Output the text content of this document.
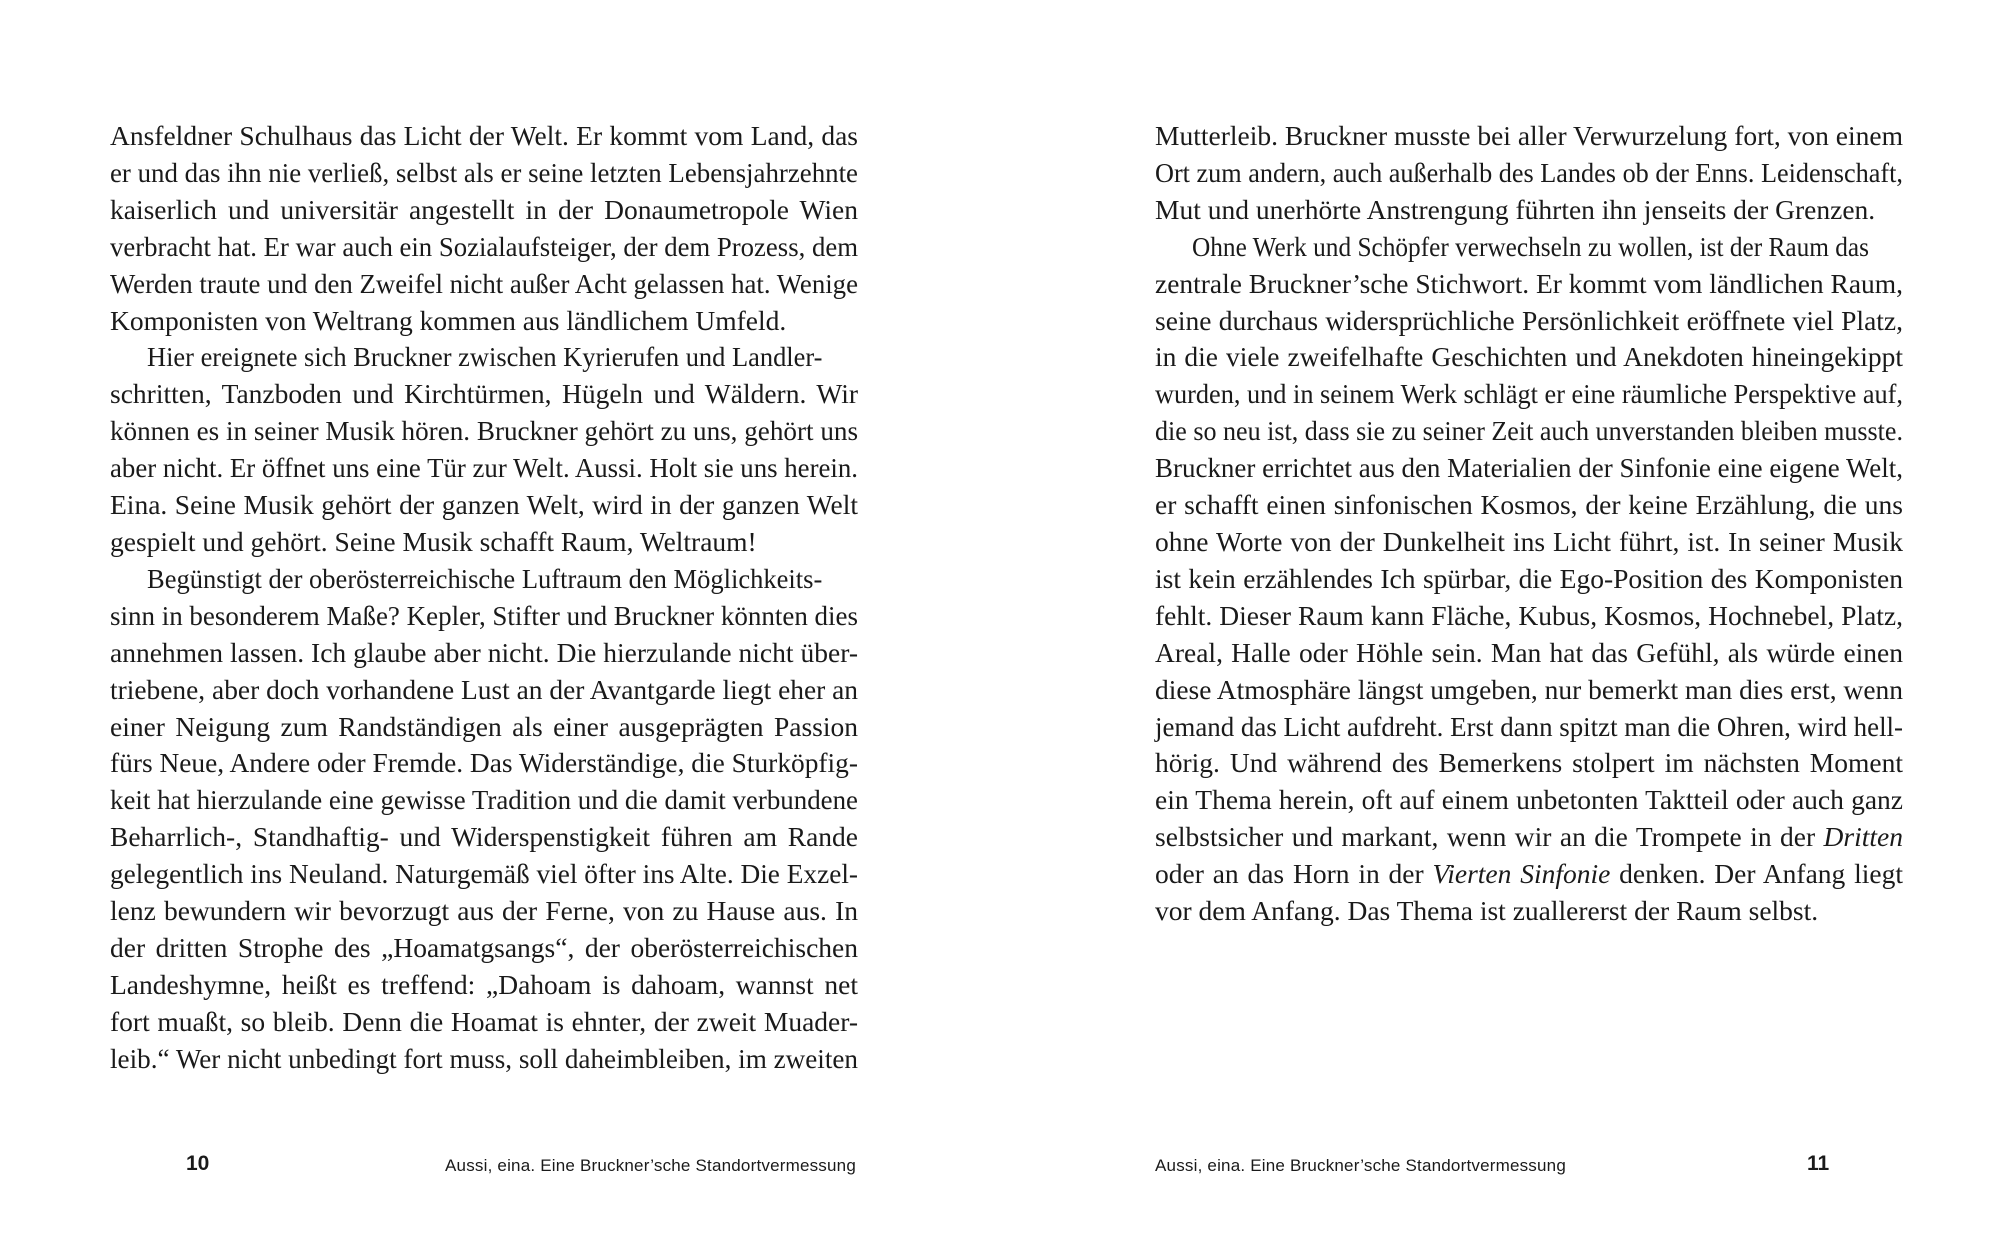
Ansfeldner Schulhaus das Licht der Welt. Er kommt vom Land, das
er und das ihn nie verließ, selbst als er seine letzten Lebensjahrzehnte
kaiserlich und universitär angestellt in der Donaumetropole Wien
verbracht hat. Er war auch ein Sozialaufsteiger, der dem Prozess, dem
Werden traute und den Zweifel nicht außer Acht gelassen hat. Wenige
Komponisten von Weltrang kommen aus ländlichem Umfeld.

Hier ereignete sich Bruckner zwischen Kyrierufen und Landler-
schritten, Tanzboden und Kirchtürmen, Hügeln und Wäldern. Wir
können es in seiner Musik hören. Bruckner gehört zu uns, gehört uns
aber nicht. Er öffnet uns eine Tür zur Welt. Aussi. Holt sie uns herein.
Eina. Seine Musik gehört der ganzen Welt, wird in der ganzen Welt
gespielt und gehört. Seine Musik schafft Raum, Weltraum!

Begünstigt der oberösterreichische Luftraum den Möglichkeits-
sinn in besonderem Maße? Kepler, Stifter und Bruckner könnten dies
annehmen lassen. Ich glaube aber nicht. Die hierzulande nicht über-
triebene, aber doch vorhandene Lust an der Avantgarde liegt eher an
einer Neigung zum Randständigen als einer ausgeprägten Passion
fürs Neue, Andere oder Fremde. Das Widerständige, die Sturköpfig-
keit hat hierzulande eine gewisse Tradition und die damit verbundene
Beharrlich-, Standhaftig- und Widerspenstigkeit führen am Rande
gelegentlich ins Neuland. Naturgemäß viel öfter ins Alte. Die Exzel-
lenz bewundern wir bevorzugt aus der Ferne, von zu Hause aus. In
der dritten Strophe des „Hoamatgsangs“, der oberösterreichischen
Landeshymne, heißt es treffend: „Dahoam is dahoam, wannst net
fort muaßt, so bleib. Denn die Hoamat is ehnter, der zweit Muader-
leib.“ Wer nicht unbedingt fort muss, soll daheimbleiben, im zweiten

10	Aussi, eina. Eine Bruckner’sche Standortvermessung

Mutterleib. Bruckner musste bei aller Verwurzelung fort, von einem
Ort zum andern, auch außerhalb des Landes ob der Enns. Leidenschaft,
Mut und unerhörte Anstrengung führten ihn jenseits der Grenzen.

Ohne Werk und Schöpfer verwechseln zu wollen, ist der Raum das
zentrale Bruckner’sche Stichwort. Er kommt vom ländlichen Raum,
seine durchaus widersprüchliche Persönlichkeit eröffnete viel Platz,
in die viele zweifelhafte Geschichten und Anekdoten hineingekippt
wurden, und in seinem Werk schlägt er eine räumliche Perspektive auf,
die so neu ist, dass sie zu seiner Zeit auch unverstanden bleiben musste.
Bruckner errichtet aus den Materialien der Sinfonie eine eigene Welt,
er schafft einen sinfonischen Kosmos, der keine Erzählung, die uns
ohne Worte von der Dunkelheit ins Licht führt, ist. In seiner Musik
ist kein erzählendes Ich spürbar, die Ego-Position des Komponisten
fehlt. Dieser Raum kann Fläche, Kubus, Kosmos, Hochnebel, Platz,
Areal, Halle oder Höhle sein. Man hat das Gefühl, als würde einen
diese Atmosphäre längst umgeben, nur bemerkt man dies erst, wenn
jemand das Licht aufdreht. Erst dann spitzt man die Ohren, wird hell-
hörig. Und während des Bemerkens stolpert im nächsten Moment
ein Thema herein, oft auf einem unbetonten Taktteil oder auch ganz
selbstsicher und markant, wenn wir an die Trompete in der Dritten
oder an das Horn in der Vierten Sinfonie denken. Der Anfang liegt
vor dem Anfang. Das Thema ist zuallererst der Raum selbst.

Aussi, eina. Eine Bruckner’sche Standortvermessung	11
